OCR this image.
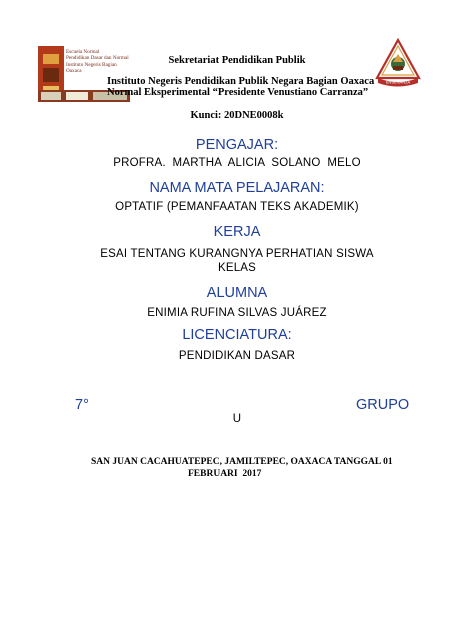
Escuela Normal
Pendidikan Dasar dan Normal
Instituto Negeris Bagian
Oaxaca
ENSEÑANZA
Sekretariat Pendidikan Publik
Instituto Negeris Pendidikan Publik Negara Bagian Oaxaca
Normal Eksperimental “Presidente Venustiano Carranza”
Kunci: 20DNE0008k
PENGAJAR:
PROFRA.  MARTHA  ALICIA  SOLANO  MELO
NAMA MATA PELAJARAN:
OPTATIF (PEMANFAATAN TEKS AKADEMIK)
KERJA
ESAI TENTANG KURANGNYA PERHATIAN SISWA
KELAS
ALUMNA
ENIMIA RUFINA SILVAS JUÁREZ
LICENCIATURA:
PENDIDIKAN DASAR
7°	GRUPO
U
SAN JUAN CACAHUATEPEC, JAMILTEPEC, OAXACA TANGGAL 01
FEBRUARI  2017
